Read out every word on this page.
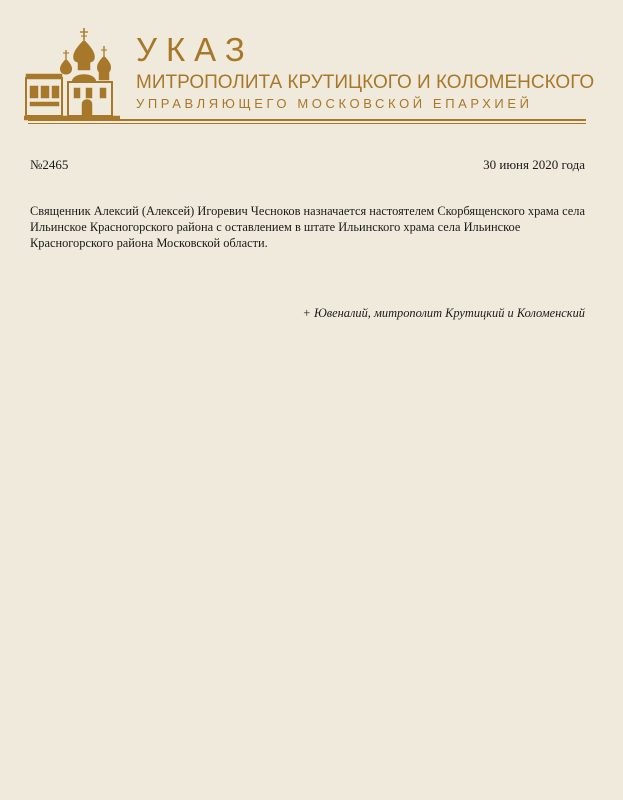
УКАЗ
МИТРОПОЛИТА КРУТИЦКОГО И КОЛОМЕНСКОГО
УПРАВЛЯЮЩЕГО МОСКОВСКОЙ ЕПАРХИЕЙ
№2465	30 июня 2020 года
Священник Алексий (Алексей) Игоревич Чесноков назначается настоятелем Скорбященского храма села Ильинское Красногорского района с оставлением в штате Ильинского храма села Ильинское Красногорского района Московской области.
+ Ювеналий, митрополит Крутицкий и Коломенский
